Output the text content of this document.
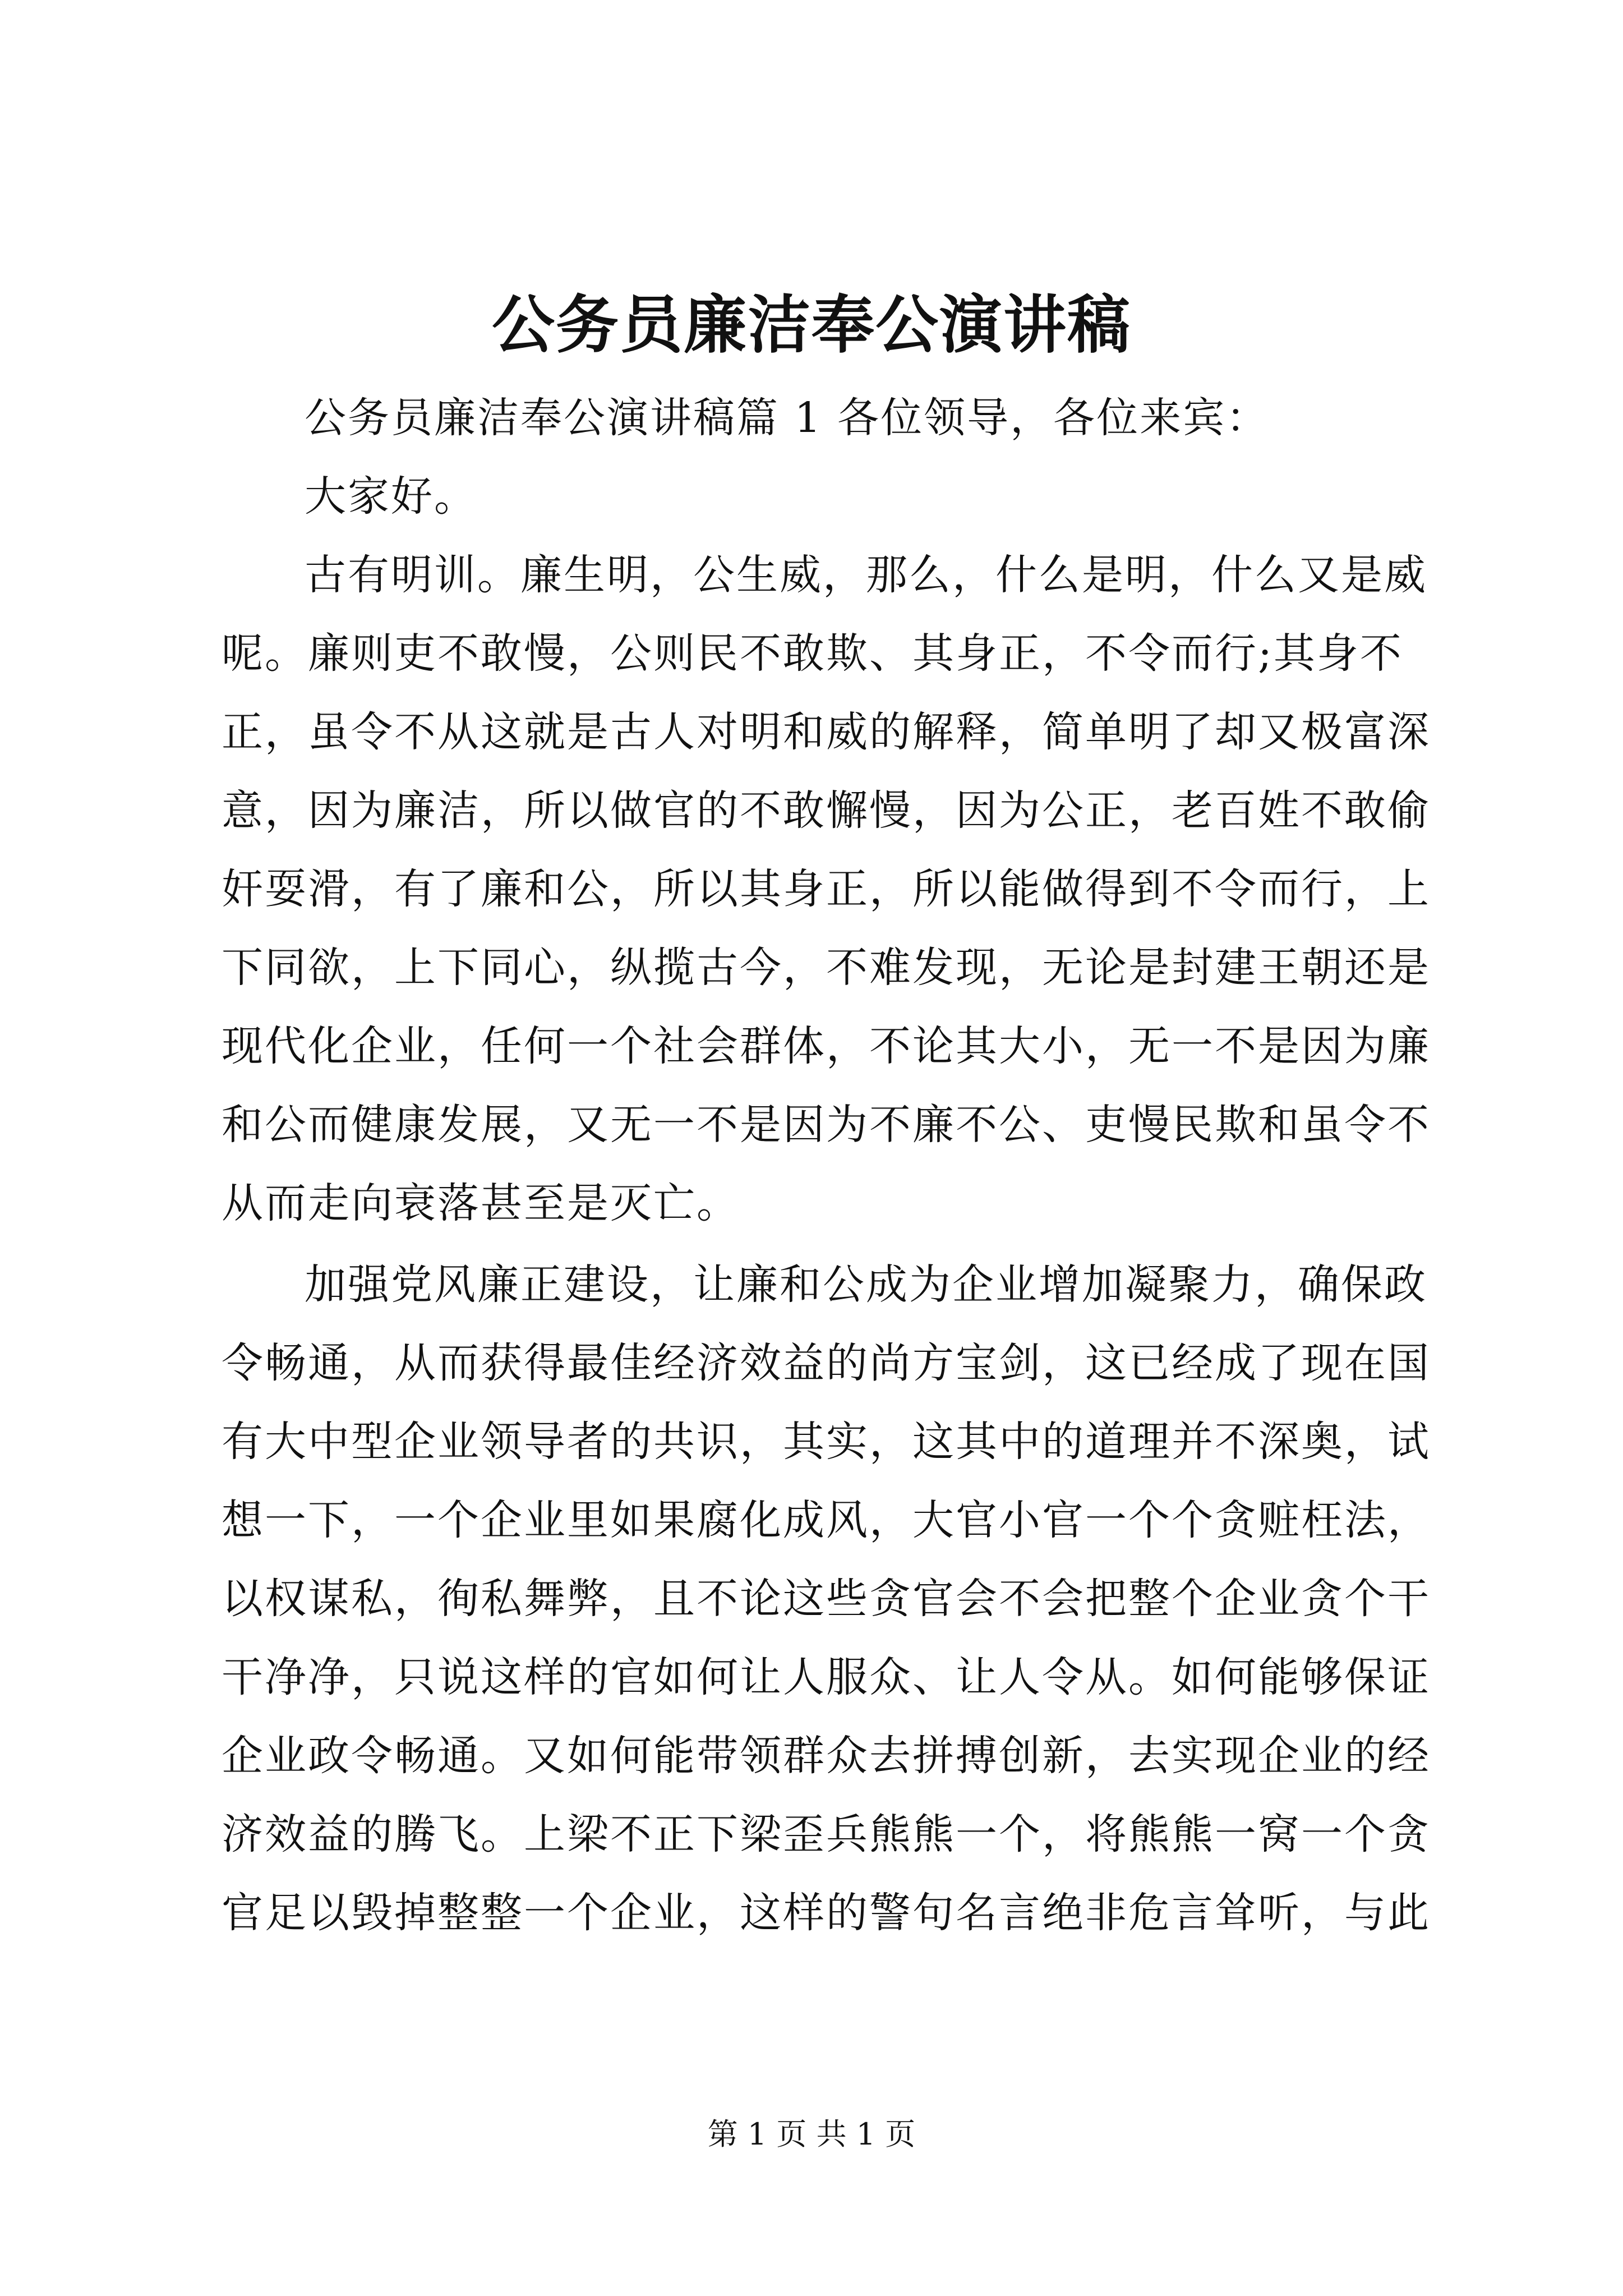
公务员廉洁奉公演讲稿
公务员廉洁奉公演讲稿篇 1 各位领导，各位来宾：
大家好。
古有明训。廉生明，公生威，那么，什么是明，什么又是威
呢。廉则吏不敢慢，公则民不敢欺、其身正，不令而行;其身不
正，虽令不从这就是古人对明和威的解释，简单明了却又极富深
意，因为廉洁，所以做官的不敢懈慢，因为公正，老百姓不敢偷
奸耍滑，有了廉和公，所以其身正，所以能做得到不令而行，上
下同欲，上下同心，纵揽古今，不难发现，无论是封建王朝还是
现代化企业，任何一个社会群体，不论其大小，无一不是因为廉
和公而健康发展，又无一不是因为不廉不公、吏慢民欺和虽令不
从而走向衰落甚至是灭亡。
加强党风廉正建设，让廉和公成为企业增加凝聚力，确保政
令畅通，从而获得最佳经济效益的尚方宝剑，这已经成了现在国
有大中型企业领导者的共识，其实，这其中的道理并不深奥，试
想一下，一个企业里如果腐化成风，大官小官一个个贪赃枉法，
以权谋私，徇私舞弊，且不论这些贪官会不会把整个企业贪个干
干净净，只说这样的官如何让人服众、让人令从。如何能够保证
企业政令畅通。又如何能带领群众去拼搏创新，去实现企业的经
济效益的腾飞。上梁不正下梁歪兵熊熊一个，将熊熊一窝一个贪
官足以毁掉整整一个企业，这样的警句名言绝非危言耸听，与此
第 1 页 共 1 页
